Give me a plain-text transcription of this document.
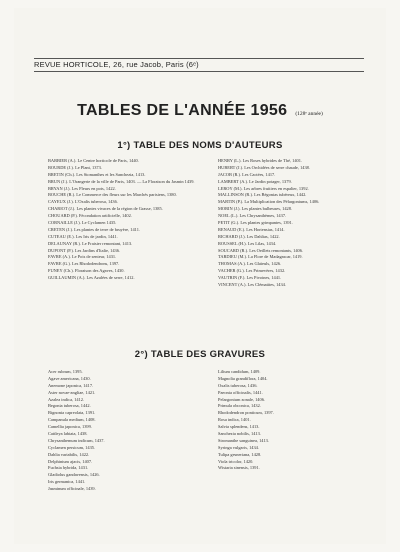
REVUE HORTICOLE, 26, rue Jacob, Paris (6ᵉ)
TABLES DE L'ANNÉE 1956 (128ᵉ année)
1°) TABLE DES NOMS D'AUTEURS

BARBIER (A.). Le Centre horticole de Paris, 1440.

BOURDE (J.). Le Plant, 1373.

BRETIN (Ch.). Les Stomanthes et les Sanchezia, 1413.

BRUN (J.). L'Orangerie de la ville de Paris, 1403. — La Floraison du Jasmin 1439.

BRYAN (J.). Les Fleurs en pots, 1422.

BOUCHE (R.). Le Commerce des fleurs sur les Marchés parisiens, 1380.

CAYEUX (J.). L'Oxalis tuberosa, 1436.

CHARIOT (J.). Les plantes vivaces de la région de Grasse, 1385.

CHOUARD (P.). Fécondation artificielle, 1402.

CORNAILLE (J.). Le Cyclamen 1435.

CRETEN (J.). Les plantes de terre de bruyère, 1411.

CUTEAU (E.). Les Iris de jardin, 1441.

DELAUNAY (R.). Le Fraisier remontant, 1413.

DUPONT (P.). Les Jardins d'Italie, 1436.

FAVRE (A.). Le Pois de senteur, 1431.

FAVRE (G.). Les Rhododendrons, 1397.

FUNEY (Ch.). Floraison des Agaves, 1430.

GUILLAUMIN (A.). Les Azalées de serre, 1412.

HENRY (L.). Les Roses hybrides de Thé, 1401.

HUBERT (J.). Les Orchidées de serre chaude, 1438.

JACOB (R.). Les Cactées, 1417.

LAMBERT (A.). Le Jardin potager, 1379.

LEROY (M.). Les arbres fruitiers en espalier, 1392.

MALLINSON (R.). Les Bégonias tubéreux, 1442.

MARTIN (P.). La Multiplication des Pélargoniums, 1406.

MORIN (J.). Les plantes bulbeuses, 1428.

NOEL (L.). Les Chrysanthèmes, 1437.

PETIT (G.). Les plantes grimpantes, 1391.

RENAUD (E.). Les Hortensias, 1414.

RICHARD (J.). Les Dahlias, 1422.

ROUSSEL (H.). Les Lilas, 1434.

SOUCARD (R.). Les Oeillets remontants, 1406.

TARDIEU (M.). La Flore de Madagascar, 1419.

THOMAS (A.). Les Glaïeuls, 1426.

VACHER (G.). Les Primevères, 1432.

VAUTRIN (F.). Les Pivoines, 1441.

VINCENT (A.). Les Clématites, 1434.

2°) TABLE DES GRAVURES

Acer rubrum, 1395.

Agave americana, 1430.

Anemone japonica, 1417.

Aster novae-angliae, 1421.

Azalea indica, 1412.

Begonia tuberosa, 1442.

Bignonia capreolata, 1391.

Campanula medium, 1408.

Camellia japonica, 1399.

Cattleya labiata, 1438.

Chrysanthemum indicum, 1437.

Cyclamen persicum, 1435.

Dahlia variabilis, 1422.

Delphinium ajacis, 1407.

Fuchsia hybrida, 1431.

Gladiolus gandavensis, 1426.

Iris germanica, 1441.

Jasminum officinale, 1439.

Lilium candidum, 1409.

Magnolia grandiflora, 1404.

Oxalis tuberosa, 1436.

Paeonia officinalis, 1441.

Pelargonium zonale, 1406.

Primula obconica, 1432.

Rhododendron ponticum, 1397.

Rosa indica, 1401.

Salvia splendens, 1413.

Sanchezia nobilis, 1413.

Stromanthe sanguinea, 1413.

Syringa vulgaris, 1434.

Tulipa gesneriana, 1428.

Viola tricolor, 1420.

Wistaria sinensis, 1391.
